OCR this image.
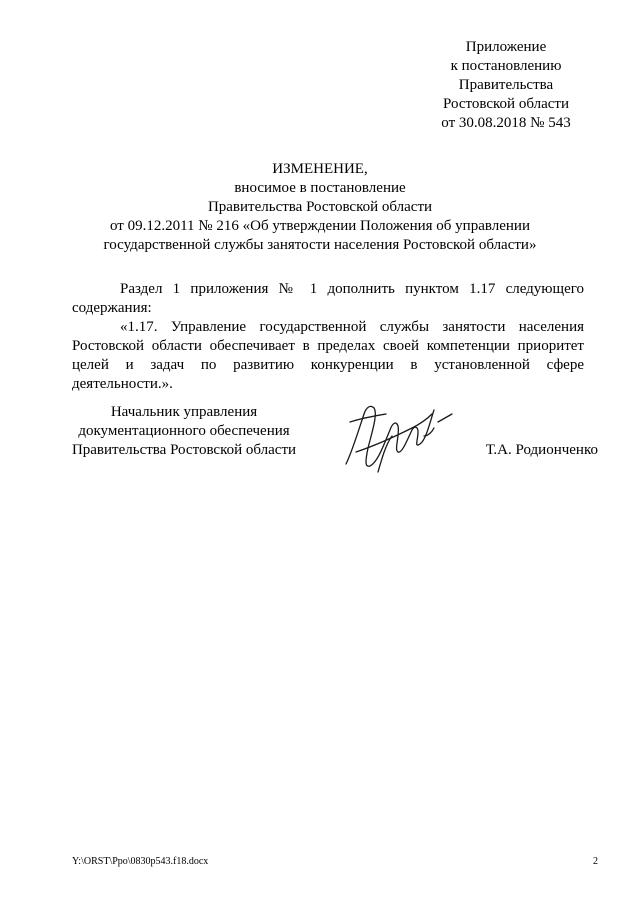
Приложение
к постановлению
Правительства
Ростовской области
от 30.08.2018 № 543
ИЗМЕНЕНИЕ,
вносимое в постановление
Правительства Ростовской области
от 09.12.2011 № 216 «Об утверждении Положения об управлении
государственной службы занятости населения Ростовской области»

Раздел 1 приложения № 1 дополнить пунктом 1.17 следующего содержания:

«1.17. Управление государственной службы занятости населения Ростовской области обеспечивает в пределах своей компетенции приоритет целей и задач по развитию конкуренции в установленной сфере деятельности.».

Начальник управления
документационного обеспечения
Правительства Ростовской области	Т.А. Родионченко
Y:\ORST\Ppo\0830p543.f18.docx	2
